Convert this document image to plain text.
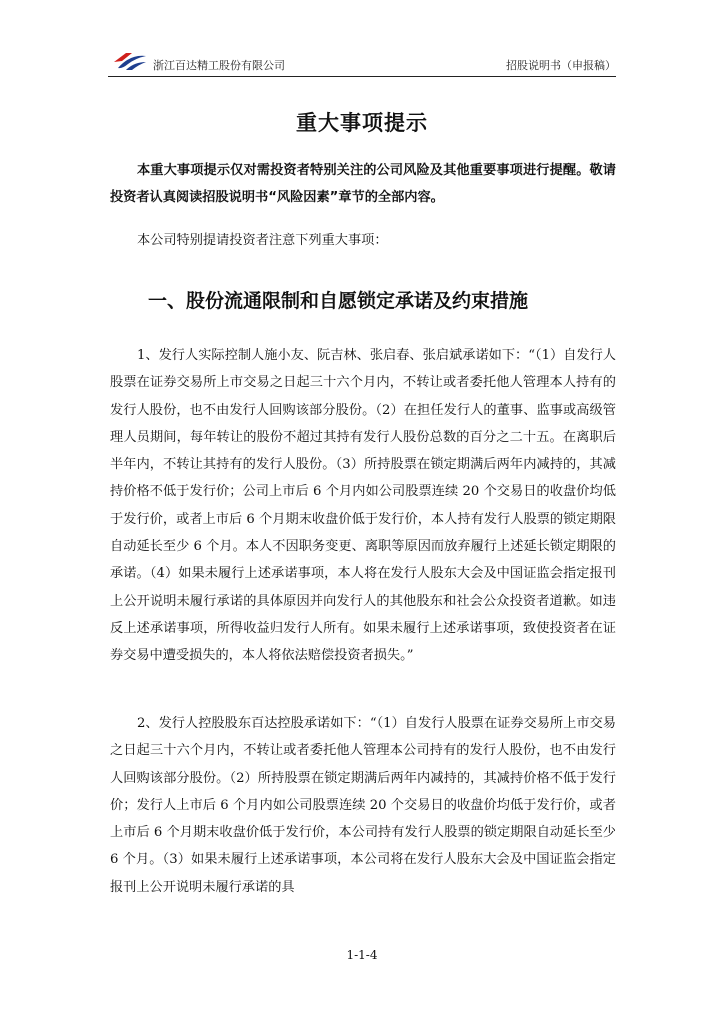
浙江百达精工股份有限公司	招股说明书（申报稿）
重大事项提示

本重大事项提示仅对需投资者特别关注的公司风险及其他重要事项进行提醒。敬请投资者认真阅读招股说明书“风险因素”章节的全部内容。

本公司特别提请投资者注意下列重大事项：

一、股份流通限制和自愿锁定承诺及约束措施

1、发行人实际控制人施小友、阮吉林、张启春、张启斌承诺如下：“（1）自发行人股票在证券交易所上市交易之日起三十六个月内，不转让或者委托他人管理本人持有的发行人股份，也不由发行人回购该部分股份。（2）在担任发行人的董事、监事或高级管理人员期间，每年转让的股份不超过其持有发行人股份总数的百分之二十五。在离职后半年内，不转让其持有的发行人股份。（3）所持股票在锁定期满后两年内减持的，其减持价格不低于发行价；公司上市后 6 个月内如公司股票连续 20 个交易日的收盘价均低于发行价，或者上市后 6 个月期末收盘价低于发行价，本人持有发行人股票的锁定期限自动延长至少 6 个月。本人不因职务变更、离职等原因而放弃履行上述延长锁定期限的承诺。（4）如果未履行上述承诺事项，本人将在发行人股东大会及中国证监会指定报刊上公开说明未履行承诺的具体原因并向发行人的其他股东和社会公众投资者道歉。如违反上述承诺事项，所得收益归发行人所有。如果未履行上述承诺事项，致使投资者在证券交易中遭受损失的，本人将依法赔偿投资者损失。”

2、发行人控股股东百达控股承诺如下：“（1）自发行人股票在证券交易所上市交易之日起三十六个月内，不转让或者委托他人管理本公司持有的发行人股份，也不由发行人回购该部分股份。（2）所持股票在锁定期满后两年内减持的，其减持价格不低于发行价；发行人上市后 6 个月内如公司股票连续 20 个交易日的收盘价均低于发行价，或者上市后 6 个月期末收盘价低于发行价，本公司持有发行人股票的锁定期限自动延长至少 6 个月。（3）如果未履行上述承诺事项，本公司将在发行人股东大会及中国证监会指定报刊上公开说明未履行承诺的具

1-1-4
